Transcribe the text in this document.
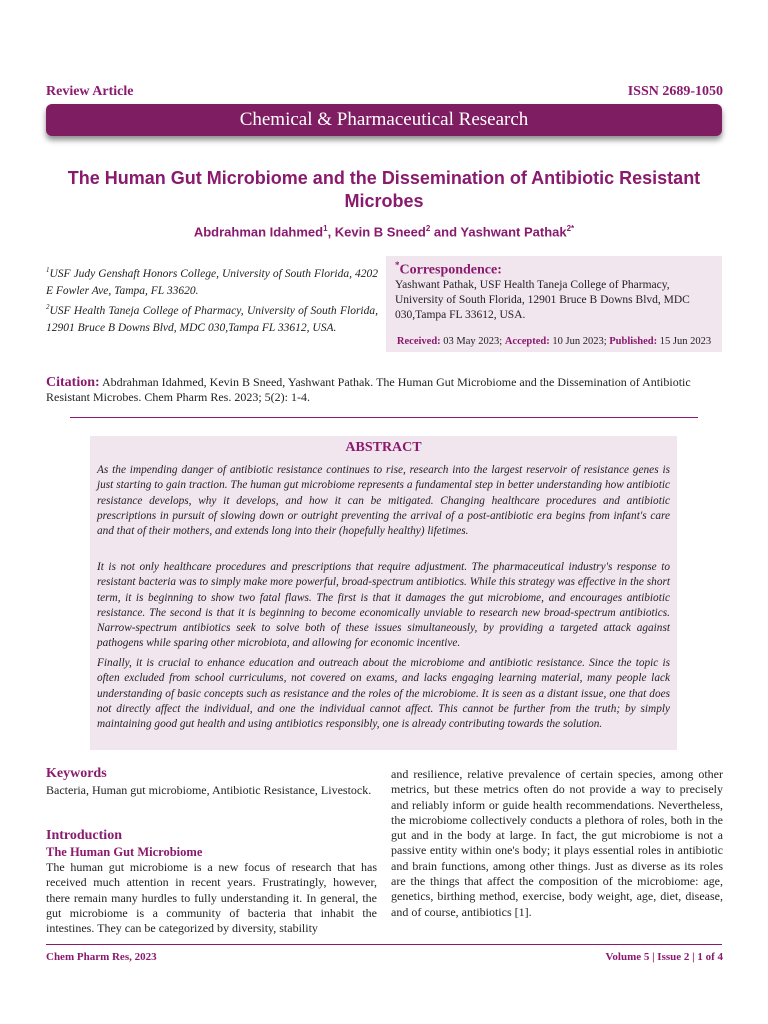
Review Article	ISSN 2689-1050
Chemical & Pharmaceutical Research
The Human Gut Microbiome and the Dissemination of Antibiotic Resistant Microbes
Abdrahman Idahmed$^1$, Kevin B Sneed$^2$ and Yashwant Pathak$^{2*}$
$^1$USF Judy Genshaft Honors College, University of South Florida, 4202 E Fowler Ave, Tampa, FL 33620.
$^2$USF Health Taneja College of Pharmacy, University of South Florida, 12901 Bruce B Downs Blvd, MDC 030,Tampa FL 33612, USA.
*Correspondence:
Yashwant Pathak, USF Health Taneja College of Pharmacy, University of South Florida, 12901 Bruce B Downs Blvd, MDC 030,Tampa FL 33612, USA.
Received: 03 May 2023; Accepted: 10 Jun 2023; Published: 15 Jun 2023
Citation: Abdrahman Idahmed, Kevin B Sneed, Yashwant Pathak. The Human Gut Microbiome and the Dissemination of Antibiotic Resistant Microbes. Chem Pharm Res. 2023; 5(2): 1-4.
ABSTRACT

As the impending danger of antibiotic resistance continues to rise, research into the largest reservoir of resistance genes is just starting to gain traction. The human gut microbiome represents a fundamental step in better understanding how antibiotic resistance develops, why it develops, and how it can be mitigated. Changing healthcare procedures and antibiotic prescriptions in pursuit of slowing down or outright preventing the arrival of a post-antibiotic era begins from infant's care and that of their mothers, and extends long into their (hopefully healthy) lifetimes.

It is not only healthcare procedures and prescriptions that require adjustment. The pharmaceutical industry's response to resistant bacteria was to simply make more powerful, broad-spectrum antibiotics. While this strategy was effective in the short term, it is beginning to show two fatal flaws. The first is that it damages the gut microbiome, and encourages antibiotic resistance. The second is that it is beginning to become economically unviable to research new broad-spectrum antibiotics. Narrow-spectrum antibiotics seek to solve both of these issues simultaneously, by providing a targeted attack against pathogens while sparing other microbiota, and allowing for economic incentive.

Finally, it is crucial to enhance education and outreach about the microbiome and antibiotic resistance. Since the topic is often excluded from school curriculums, not covered on exams, and lacks engaging learning material, many people lack understanding of basic concepts such as resistance and the roles of the microbiome. It is seen as a distant issue, one that does not directly affect the individual, and one the individual cannot affect. This cannot be further from the truth; by simply maintaining good gut health and using antibiotics responsibly, one is already contributing towards the solution.

Keywords
Bacteria, Human gut microbiome, Antibiotic Resistance, Livestock.
Introduction
The Human Gut Microbiome
The human gut microbiome is a new focus of research that has received much attention in recent years. Frustratingly, however, there remain many hurdles to fully understanding it. In general, the gut microbiome is a community of bacteria that inhabit the intestines. They can be categorized by diversity, stability
and resilience, relative prevalence of certain species, among other metrics, but these metrics often do not provide a way to precisely and reliably inform or guide health recommendations. Nevertheless, the microbiome collectively conducts a plethora of roles, both in the gut and in the body at large. In fact, the gut microbiome is not a passive entity within one's body; it plays essential roles in antibiotic and brain functions, among other things. Just as diverse as its roles are the things that affect the composition of the microbiome: age, genetics, birthing method, exercise, body weight, age, diet, disease, and of course, antibiotics [1].
Chem Pharm Res, 2023	Volume 5 | Issue 2 | 1 of 4
